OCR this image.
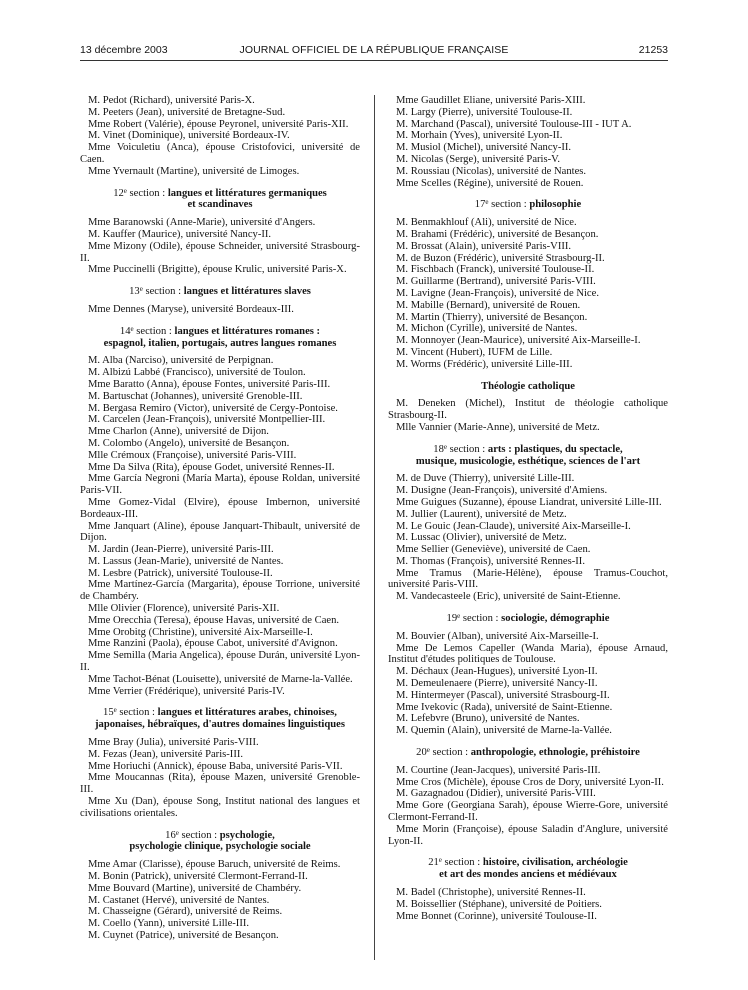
13 décembre 2003	JOURNAL OFFICIEL DE LA RÉPUBLIQUE FRANÇAISE	21253

M. Pedot (Richard), université Paris-X.

M. Peeters (Jean), université de Bretagne-Sud.

Mme Robert (Valérie), épouse Peyronel, université Paris-XII.

M. Vinet (Dominique), université Bordeaux-IV.

Mme Voiculetiu (Anca), épouse Cristofovici, université de Caen.

Mme Yvernault (Martine), université de Limoges.

12e section : langues et littératures germaniques
et scandinaves

Mme Baranowski (Anne-Marie), université d'Angers.

M. Kauffer (Maurice), université Nancy-II.

Mme Mizony (Odile), épouse Schneider, université Strasbourg-II.

Mme Puccinelli (Brigitte), épouse Krulic, université Paris-X.

13e section : langues et littératures slaves

Mme Dennes (Maryse), université Bordeaux-III.

14e section : langues et littératures romanes :
espagnol, italien, portugais, autres langues romanes

M. Alba (Narciso), université de Perpignan.

M. Albizú Labbé (Francisco), université de Toulon.

Mme Baratto (Anna), épouse Fontes, université Paris-III.

M. Bartuschat (Johannes), université Grenoble-III.

M. Bergasa Remiro (Victor), université de Cergy-Pontoise.

M. Carcelen (Jean-François), université Montpellier-III.

Mme Charlon (Anne), université de Dijon.

M. Colombo (Angelo), université de Besançon.

Mlle Crémoux (Françoise), université Paris-VIII.

Mme Da Silva (Rita), épouse Godet, université Rennes-II.

Mme García Negroni (María Marta), épouse Roldan, université Paris-VII.

Mme Gomez-Vidal (Elvire), épouse Imbernon, université Bordeaux-III.

Mme Janquart (Aline), épouse Janquart-Thibault, université de Dijon.

M. Jardin (Jean-Pierre), université Paris-III.

M. Lassus (Jean-Marie), université de Nantes.

M. Lesbre (Patrick), université Toulouse-II.

Mme Martínez-García (Margarita), épouse Torrione, université de Chambéry.

Mlle Olivier (Florence), université Paris-XII.

Mme Orecchia (Teresa), épouse Havas, université de Caen.

Mme Orobitg (Christine), université Aix-Marseille-I.

Mme Ranzini (Paola), épouse Cabot, université d'Avignon.

Mme Semilla (Maria Angelica), épouse Durán, université Lyon-II.

Mme Tachot-Bénat (Louisette), université de Marne-la-Vallée.

Mme Verrier (Frédérique), université Paris-IV.

15e section : langues et littératures arabes, chinoises,
japonaises, hébraïques, d'autres domaines linguistiques

Mme Bray (Julia), université Paris-VIII.

M. Fezas (Jean), université Paris-III.

Mme Horiuchi (Annick), épouse Baba, université Paris-VII.

Mme Moucannas (Rita), épouse Mazen, université Grenoble-III.

Mme Xu (Dan), épouse Song, Institut national des langues et civilisations orientales.

16e section : psychologie,
psychologie clinique, psychologie sociale

Mme Amar (Clarisse), épouse Baruch, université de Reims.

M. Bonin (Patrick), université Clermont-Ferrand-II.

Mme Bouvard (Martine), université de Chambéry.

M. Castanet (Hervé), université de Nantes.

M. Chasseigne (Gérard), université de Reims.

M. Coello (Yann), université Lille-III.

M. Cuynet (Patrice), université de Besançon.

Mme Gaudillet Eliane, université Paris-XIII.

M. Largy (Pierre), université Toulouse-II.

M. Marchand (Pascal), université Toulouse-III - IUT A.

M. Morhain (Yves), université Lyon-II.

M. Musiol (Michel), université Nancy-II.

M. Nicolas (Serge), université Paris-V.

M. Roussiau (Nicolas), université de Nantes.

Mme Scelles (Régine), université de Rouen.

17e section : philosophie

M. Benmakhlouf (Ali), université de Nice.

M. Brahami (Frédéric), université de Besançon.

M. Brossat (Alain), université Paris-VIII.

M. de Buzon (Frédéric), université Strasbourg-II.

M. Fischbach (Franck), université Toulouse-II.

M. Guillarme (Bertrand), université Paris-VIII.

M. Lavigne (Jean-François), université de Nice.

M. Mabille (Bernard), université de Rouen.

M. Martin (Thierry), université de Besançon.

M. Michon (Cyrille), université de Nantes.

M. Monnoyer (Jean-Maurice), université Aix-Marseille-I.

M. Vincent (Hubert), IUFM de Lille.

M. Worms (Frédéric), université Lille-III.

Théologie catholique

M. Deneken (Michel), Institut de théologie catholique Strasbourg-II.

Mlle Vannier (Marie-Anne), université de Metz.

18e section : arts : plastiques, du spectacle,
musique, musicologie, esthétique, sciences de l'art

M. de Duve (Thierry), université Lille-III.

M. Dusigne (Jean-François), université d'Amiens.

Mme Guigues (Suzanne), épouse Liandrat, université Lille-III.

M. Jullier (Laurent), université de Metz.

M. Le Gouic (Jean-Claude), université Aix-Marseille-I.

M. Lussac (Olivier), université de Metz.

Mme Sellier (Geneviève), université de Caen.

M. Thomas (François), université Rennes-II.

Mme Tramus (Marie-Hélène), épouse Tramus-Couchot, université Paris-VIII.

M. Vandecasteele (Eric), université de Saint-Etienne.

19e section : sociologie, démographie

M. Bouvier (Alban), université Aix-Marseille-I.

Mme De Lemos Capeller (Wanda Maria), épouse Arnaud, Institut d'études politiques de Toulouse.

M. Déchaux (Jean-Hugues), université Lyon-II.

M. Demeulenaere (Pierre), université Nancy-II.

M. Hintermeyer (Pascal), université Strasbourg-II.

Mme Ivekovic (Rada), université de Saint-Etienne.

M. Lefebvre (Bruno), université de Nantes.

M. Quemin (Alain), université de Marne-la-Vallée.

20e section : anthropologie, ethnologie, préhistoire

M. Courtine (Jean-Jacques), université Paris-III.

Mme Cros (Michèle), épouse Cros de Dory, université Lyon-II.

M. Gazagnadou (Didier), université Paris-VIII.

Mme Gore (Georgiana Sarah), épouse Wierre-Gore, université Clermont-Ferrand-II.

Mme Morin (Françoise), épouse Saladin d'Anglure, université Lyon-II.

21e section : histoire, civilisation, archéologie
et art des mondes anciens et médiévaux

M. Badel (Christophe), université Rennes-II.

M. Boissellier (Stéphane), université de Poitiers.

Mme Bonnet (Corinne), université Toulouse-II.
